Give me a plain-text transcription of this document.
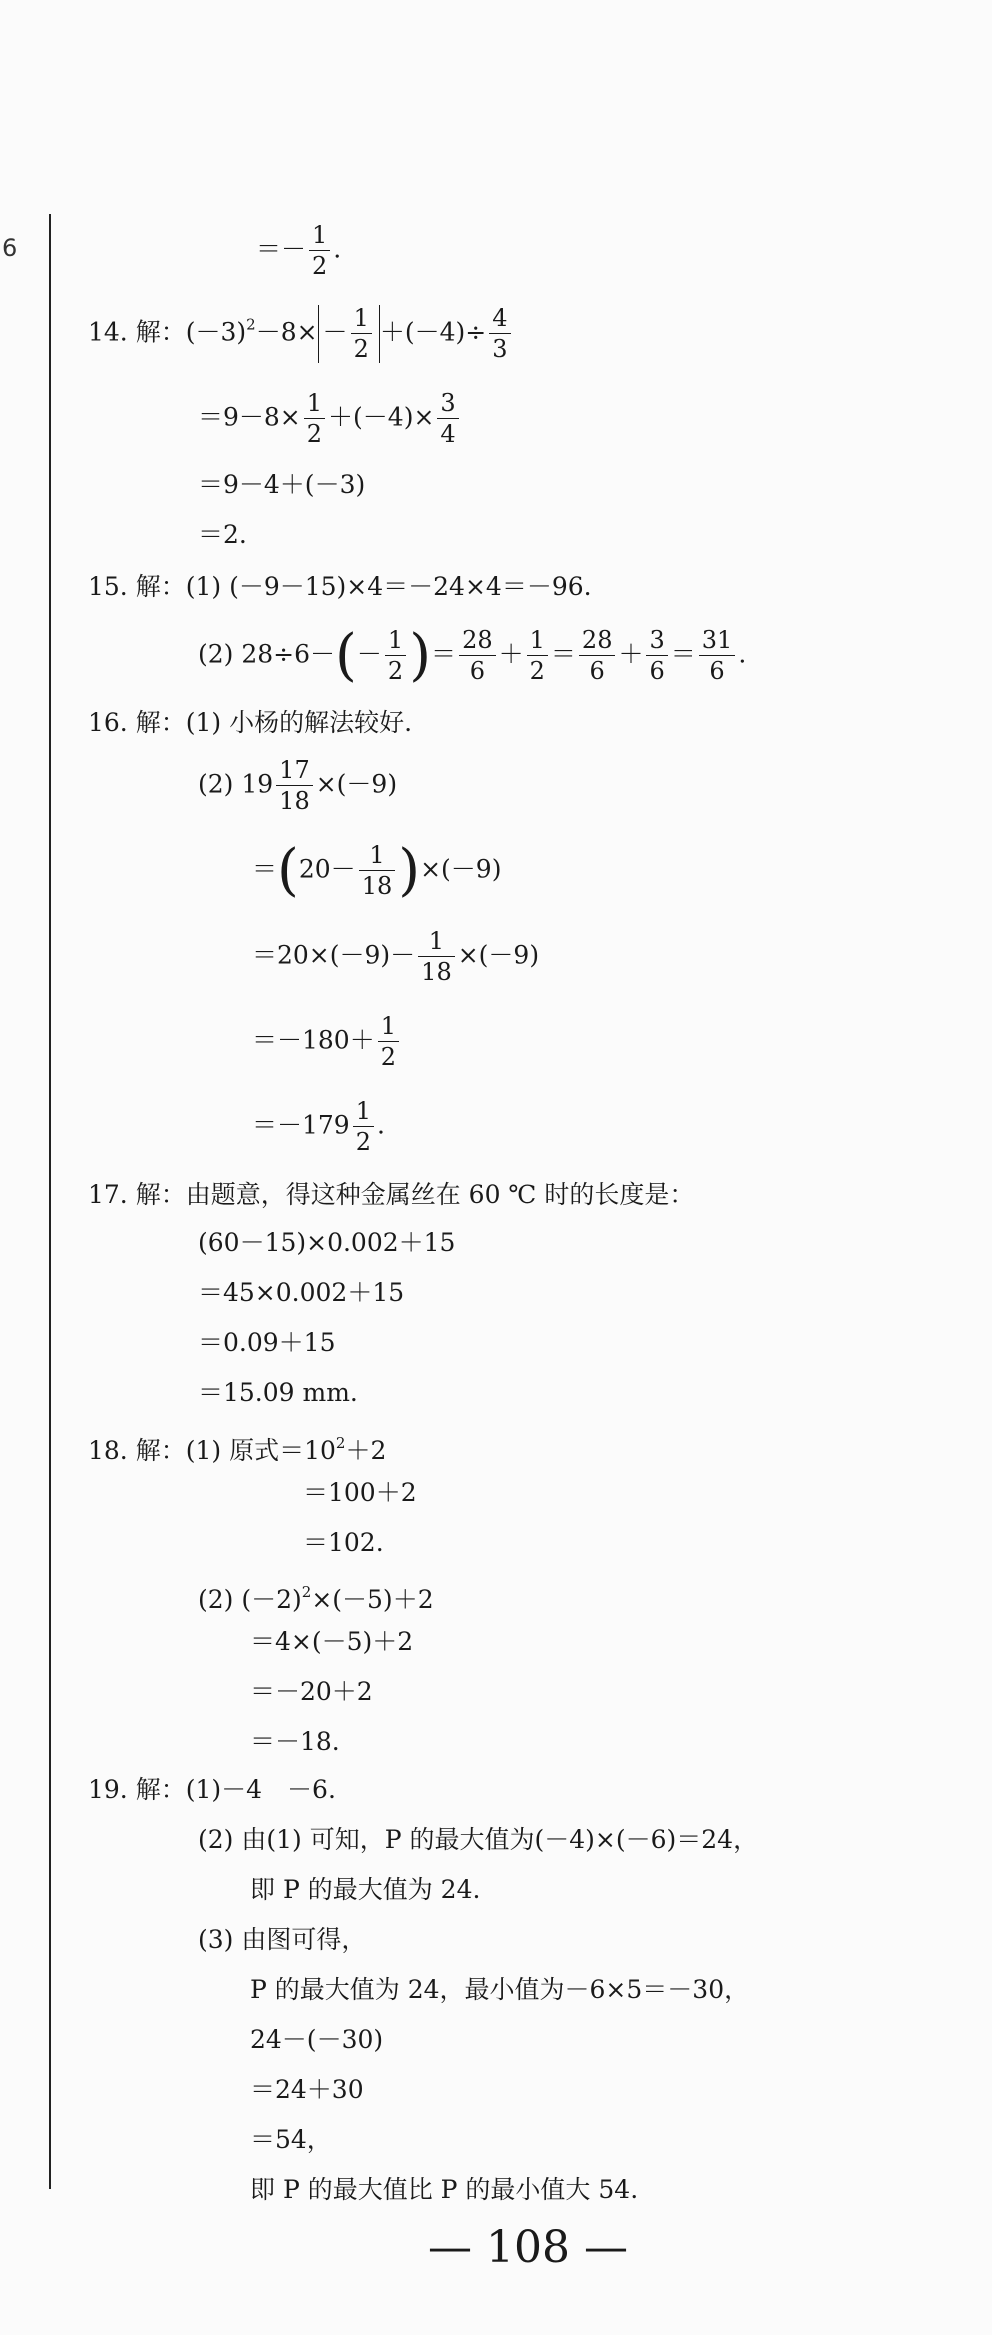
6	＝－ $\frac{1}{2}$ .
14. 解：$(-3)^2-8\times - \frac{1}{2} +(-4)\div \frac{4}{3}$
$=9-8\times \frac{1}{2} +(-4)\times \frac{3}{4}$
＝9－4＋(－3)
＝2.
15. 解：(1) (－9－15)×4＝－24×4＝－96.
(2) $28\div 6-(- \frac{1}{2}$ )＝ $\frac{28}{6} + \frac{1}{2} = \frac{28}{6} + \frac{3}{6} = \frac{31}{6}$ .
16. 解：(1) 小杨的解法较好.
(2) $19 \frac{17}{18} \times(-9)$
$=(20- \frac{1}{18} )\times(-9)$
$=20\times(-9)- \frac{1}{18} \times(-9)$
$=-180+ \frac{1}{2}$
$=-179 \frac{1}{2}$ .
17. 解：由题意，得这种金属丝在 60 ℃ 时的长度是：
(60－15)×0.002＋15
＝45×0.002＋15
＝0.09＋15
＝15.09 mm.
18. 解：(1) 原式$=10^2+2$
＝100＋2
＝102.
(2) $(-2)^2\times(-5)+2$
＝4×(－5)＋2
＝－20＋2
＝－18.
19. 解：(1)－4　－6.
(2) 由(1) 可知，P 的最大值为(－4)×(－6)＝24，
即 P 的最大值为 24.
(3) 由图可得，
P 的最大值为 24，最小值为－6×5＝－30，
24－(－30)
＝24＋30
＝54，
即 P 的最大值比 P 的最小值大 54.
— 108 —
